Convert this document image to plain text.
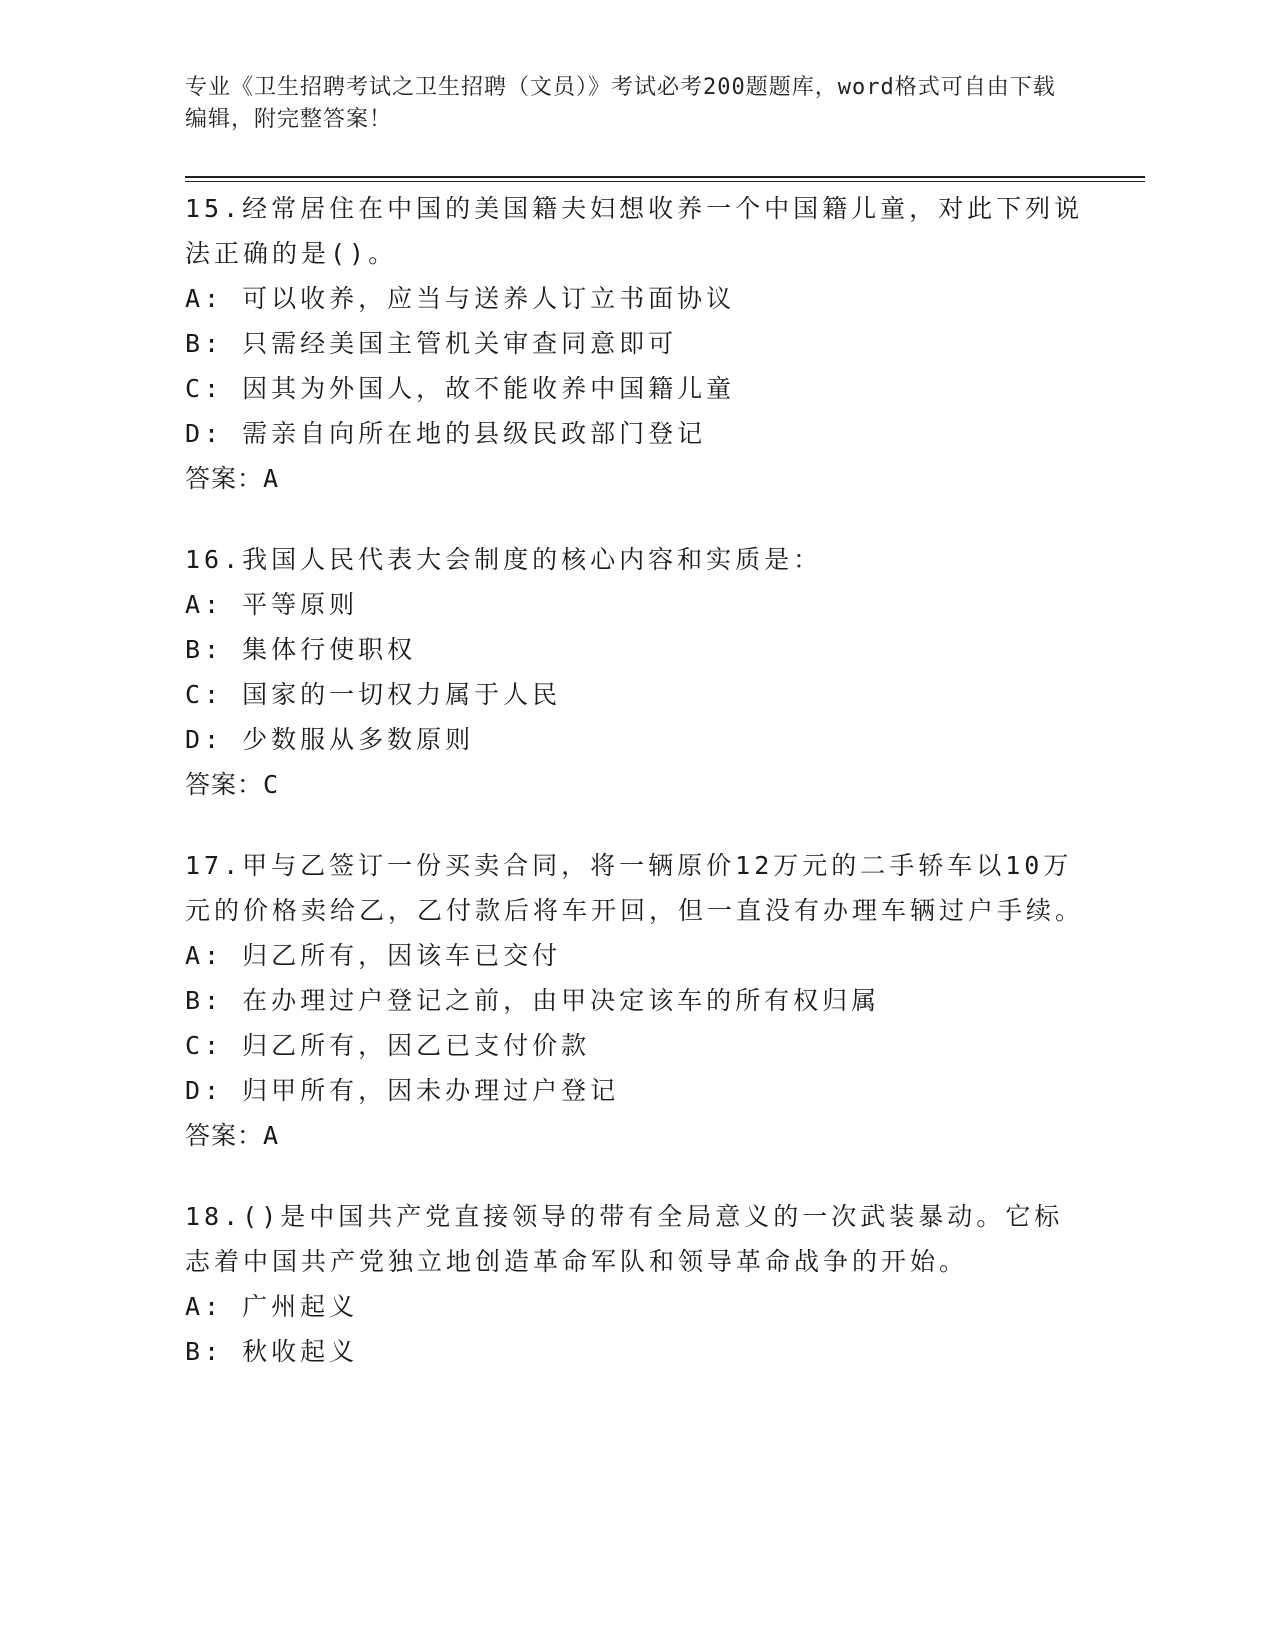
专业《卫生招聘考试之卫生招聘（文员）》考试必考200题题库，word格式可自由下载编辑，附完整答案！
15.经常居住在中国的美国籍夫妇想收养一个中国籍儿童，对此下列说法正确的是()。
A: 可以收养，应当与送养人订立书面协议
B: 只需经美国主管机关审查同意即可
C: 因其为外国人，故不能收养中国籍儿童
D: 需亲自向所在地的县级民政部门登记
答案：A
16.我国人民代表大会制度的核心内容和实质是：
A: 平等原则
B: 集体行使职权
C: 国家的一切权力属于人民
D: 少数服从多数原则
答案：C
17.甲与乙签订一份买卖合同，将一辆原价12万元的二手轿车以10万元的价格卖给乙，乙付款后将车开回，但一直没有办理车辆过户手续。
A: 归乙所有，因该车已交付
B: 在办理过户登记之前，由甲决定该车的所有权归属
C: 归乙所有，因乙已支付价款
D: 归甲所有，因未办理过户登记
答案：A
18.()是中国共产党直接领导的带有全局意义的一次武装暴动。它标志着中国共产党独立地创造革命军队和领导革命战争的开始。
A: 广州起义
B: 秋收起义
